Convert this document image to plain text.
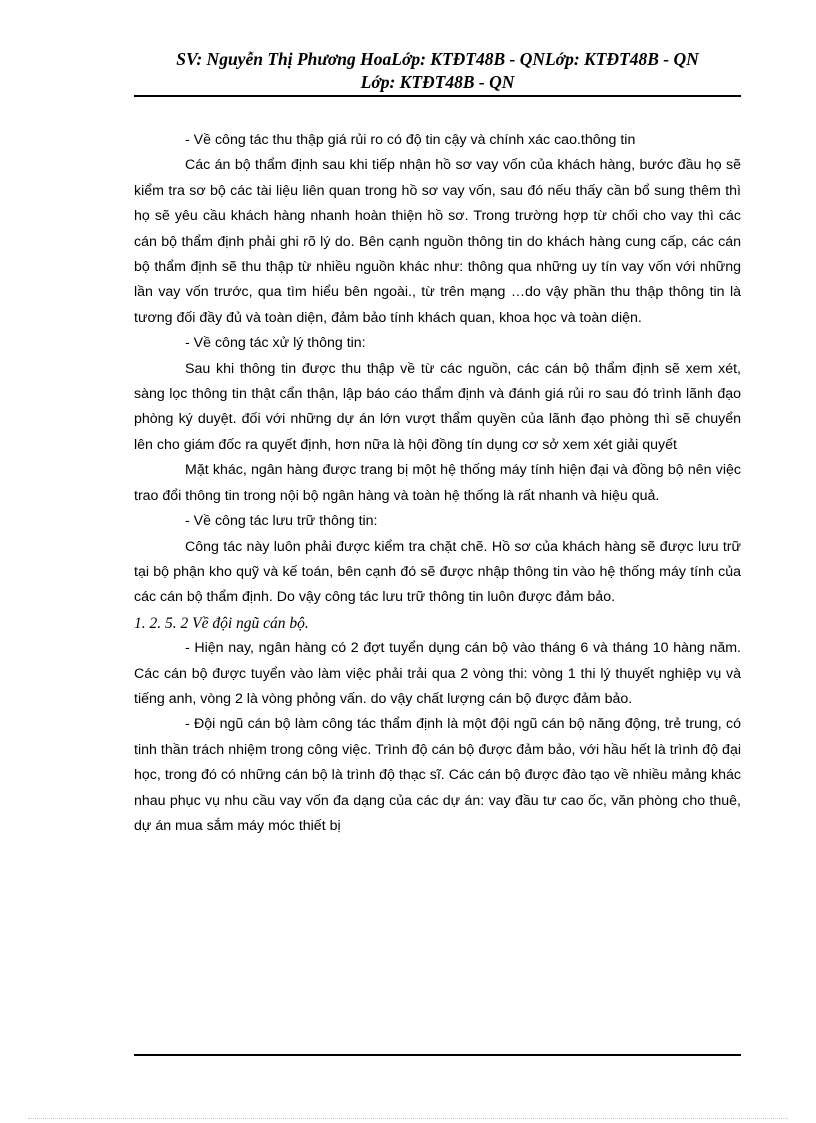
SV: Nguyễn Thị Phương HoaLớp: KTĐT48B - QNLớp: KTĐT48B - QN
Lớp: KTĐT48B - QN

- Về công tác thu thập giá rủi ro có độ tin cậy và chính xác cao.thông tin

Các án bộ thẩm định sau khi tiếp nhận hồ sơ vay vốn của khách hàng, bước đầu họ sẽ kiểm tra sơ bộ các tài liệu liên quan trong hồ sơ vay vốn, sau đó nếu thấy cần bổ sung thêm thì họ sẽ yêu cầu khách hàng nhanh hoàn thiện hồ sơ. Trong trường hợp từ chối cho vay thì các cán bộ thẩm định phải ghi rõ lý do. Bên cạnh nguồn thông tin do khách hàng cung cấp, các cán bộ thẩm định sẽ thu thập từ nhiều nguồn khác như: thông qua những uy tín vay vốn với những lần vay vốn trước, qua tìm hiểu bên ngoài., từ trên mạng …do vậy phần thu thập thông tin là tương đối đầy đủ và toàn diện, đảm bảo tính khách quan, khoa học và toàn diện.

- Về công tác xử lý thông tin:

Sau khi thông tin được thu thập về từ các nguồn, các cán bộ thẩm định sẽ xem xét, sàng lọc thông tin thật cẩn thận, lập báo cáo thẩm định và đánh giá rủi ro sau đó trình lãnh đạo phòng ký duyệt. đối với những dự án lớn vượt thẩm quyền của lãnh đạo phòng thì sẽ chuyển lên cho giám đốc ra quyết định, hơn nữa là hội đồng tín dụng cơ sở xem xét giải quyết

Mặt khác, ngân hàng được trang bị một hệ thống máy tính hiện đại và đồng bộ nên việc trao đổi thông tin trong nội bộ ngân hàng và toàn hệ thống là rất nhanh và hiệu quả.

- Về công tác lưu trữ thông tin:

Công tác này luôn phải được kiểm tra chặt chẽ. Hồ sơ của khách hàng sẽ được lưu trữ tại bộ phận kho quỹ và kế toán, bên cạnh đó sẽ được nhập thông tin vào hệ thống máy tính của các cán bộ thẩm định. Do vậy công tác lưu trữ thông tin luôn được đảm bảo.

1. 2. 5. 2 Về đội ngũ cán bộ.

- Hiện nay, ngân hàng có 2 đợt tuyển dụng cán bộ vào tháng 6 và tháng 10 hàng năm. Các cán bộ được tuyển vào làm việc phải trải qua 2 vòng thi: vòng 1 thi lý thuyết nghiệp vụ và tiếng anh, vòng 2 là vòng phỏng vấn. do vậy chất lượng cán bộ được đảm bảo.

- Đội ngũ cán bộ làm công tác thẩm định là một đội ngũ cán bộ năng động, trẻ trung, có tinh thần trách nhiệm trong công việc. Trình độ cán bộ được đảm bảo, với hầu hết là trình độ đại học, trong đó có những cán bộ là trình độ thạc sĩ. Các cán bộ được đào tạo về nhiều mảng khác nhau phục vụ nhu cầu vay vốn đa dạng của các dự án: vay đầu tư cao ốc, văn phòng cho thuê, dự án mua sắm máy móc thiết bị
